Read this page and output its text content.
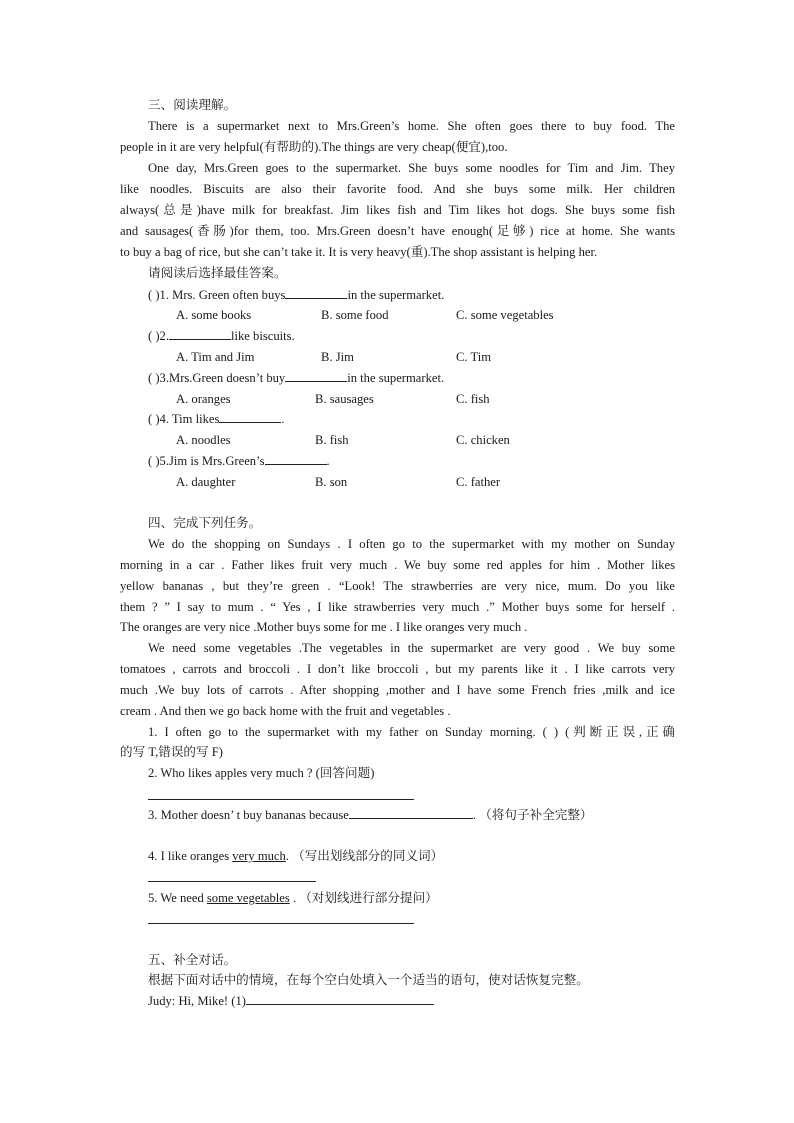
三、阅读理解。
There is a supermarket next to Mrs.Green’s home. She often goes there to buy food. The
people in it are very helpful(有帮助的).The things are very cheap(便宜),too.
One day, Mrs.Green goes to the supermarket. She buys some noodles for Tim and Jim. They
like noodles. Biscuits are also their favorite food. And she buys some milk. Her children
always(总是)have milk for breakfast. Jim likes fish and Tim likes hot dogs. She buys some fish
and sausages(香肠)for them, too. Mrs.Green doesn’t have enough(足够) rice at home. She wants
to buy a bag of rice, but she can’t take it. It is very heavy(重).The shop assistant is helping her.
请阅读后选择最佳答案。
( )1. Mrs. Green often buys	in the supermarket.
A. some books	B. some food	C. some vegetables
( )2.	like biscuits.
A. Tim and Jim	B. Jim	C. Tim
( )3.Mrs.Green doesn’t buy	in the supermarket.
A. oranges	B. sausages	C. fish
( )4. Tim likes	.
A. noodles	B. fish	C. chicken
( )5.Jim is Mrs.Green’s	.
A. daughter	B. son	C. father
四、完成下列任务。
We do the shopping on Sundays . I often go to the supermarket with my mother on Sunday
morning in a car . Father likes fruit very much . We buy some red apples for him . Mother likes
yellow bananas , but they’re green . “Look! The strawberries are very nice, mum. Do you like
them ? ” I say to mum . “ Yes , I like strawberries very much .” Mother buys some for herself .
The oranges are very nice .Mother buys some for me . I like oranges very much .
We need some vegetables .The vegetables in the supermarket are very good . We buy some
tomatoes , carrots and broccoli . I don’t like broccoli , but my parents like it . I like carrots very
much .We buy lots of carrots . After shopping ,mother and I have some French fries ,milk and ice
cream . And then we go back home with the fruit and vegetables .
1. I often go to the supermarket with my father on Sunday morning. ( ) (判断正误,正确
的写 T,错误的写 F)
2. Who likes apples very much ? (回答问题)
3. Mother doesn’ t buy bananas because	. （将句子补全完整）
4. I like oranges very much. （写出划线部分的同义词）
5. We need some vegetables . （对划线进行部分提问）
五、补全对话。
根据下面对话中的情境，在每个空白处填入一个适当的语句，使对话恢复完整。
Judy: Hi, Mike! (1)
